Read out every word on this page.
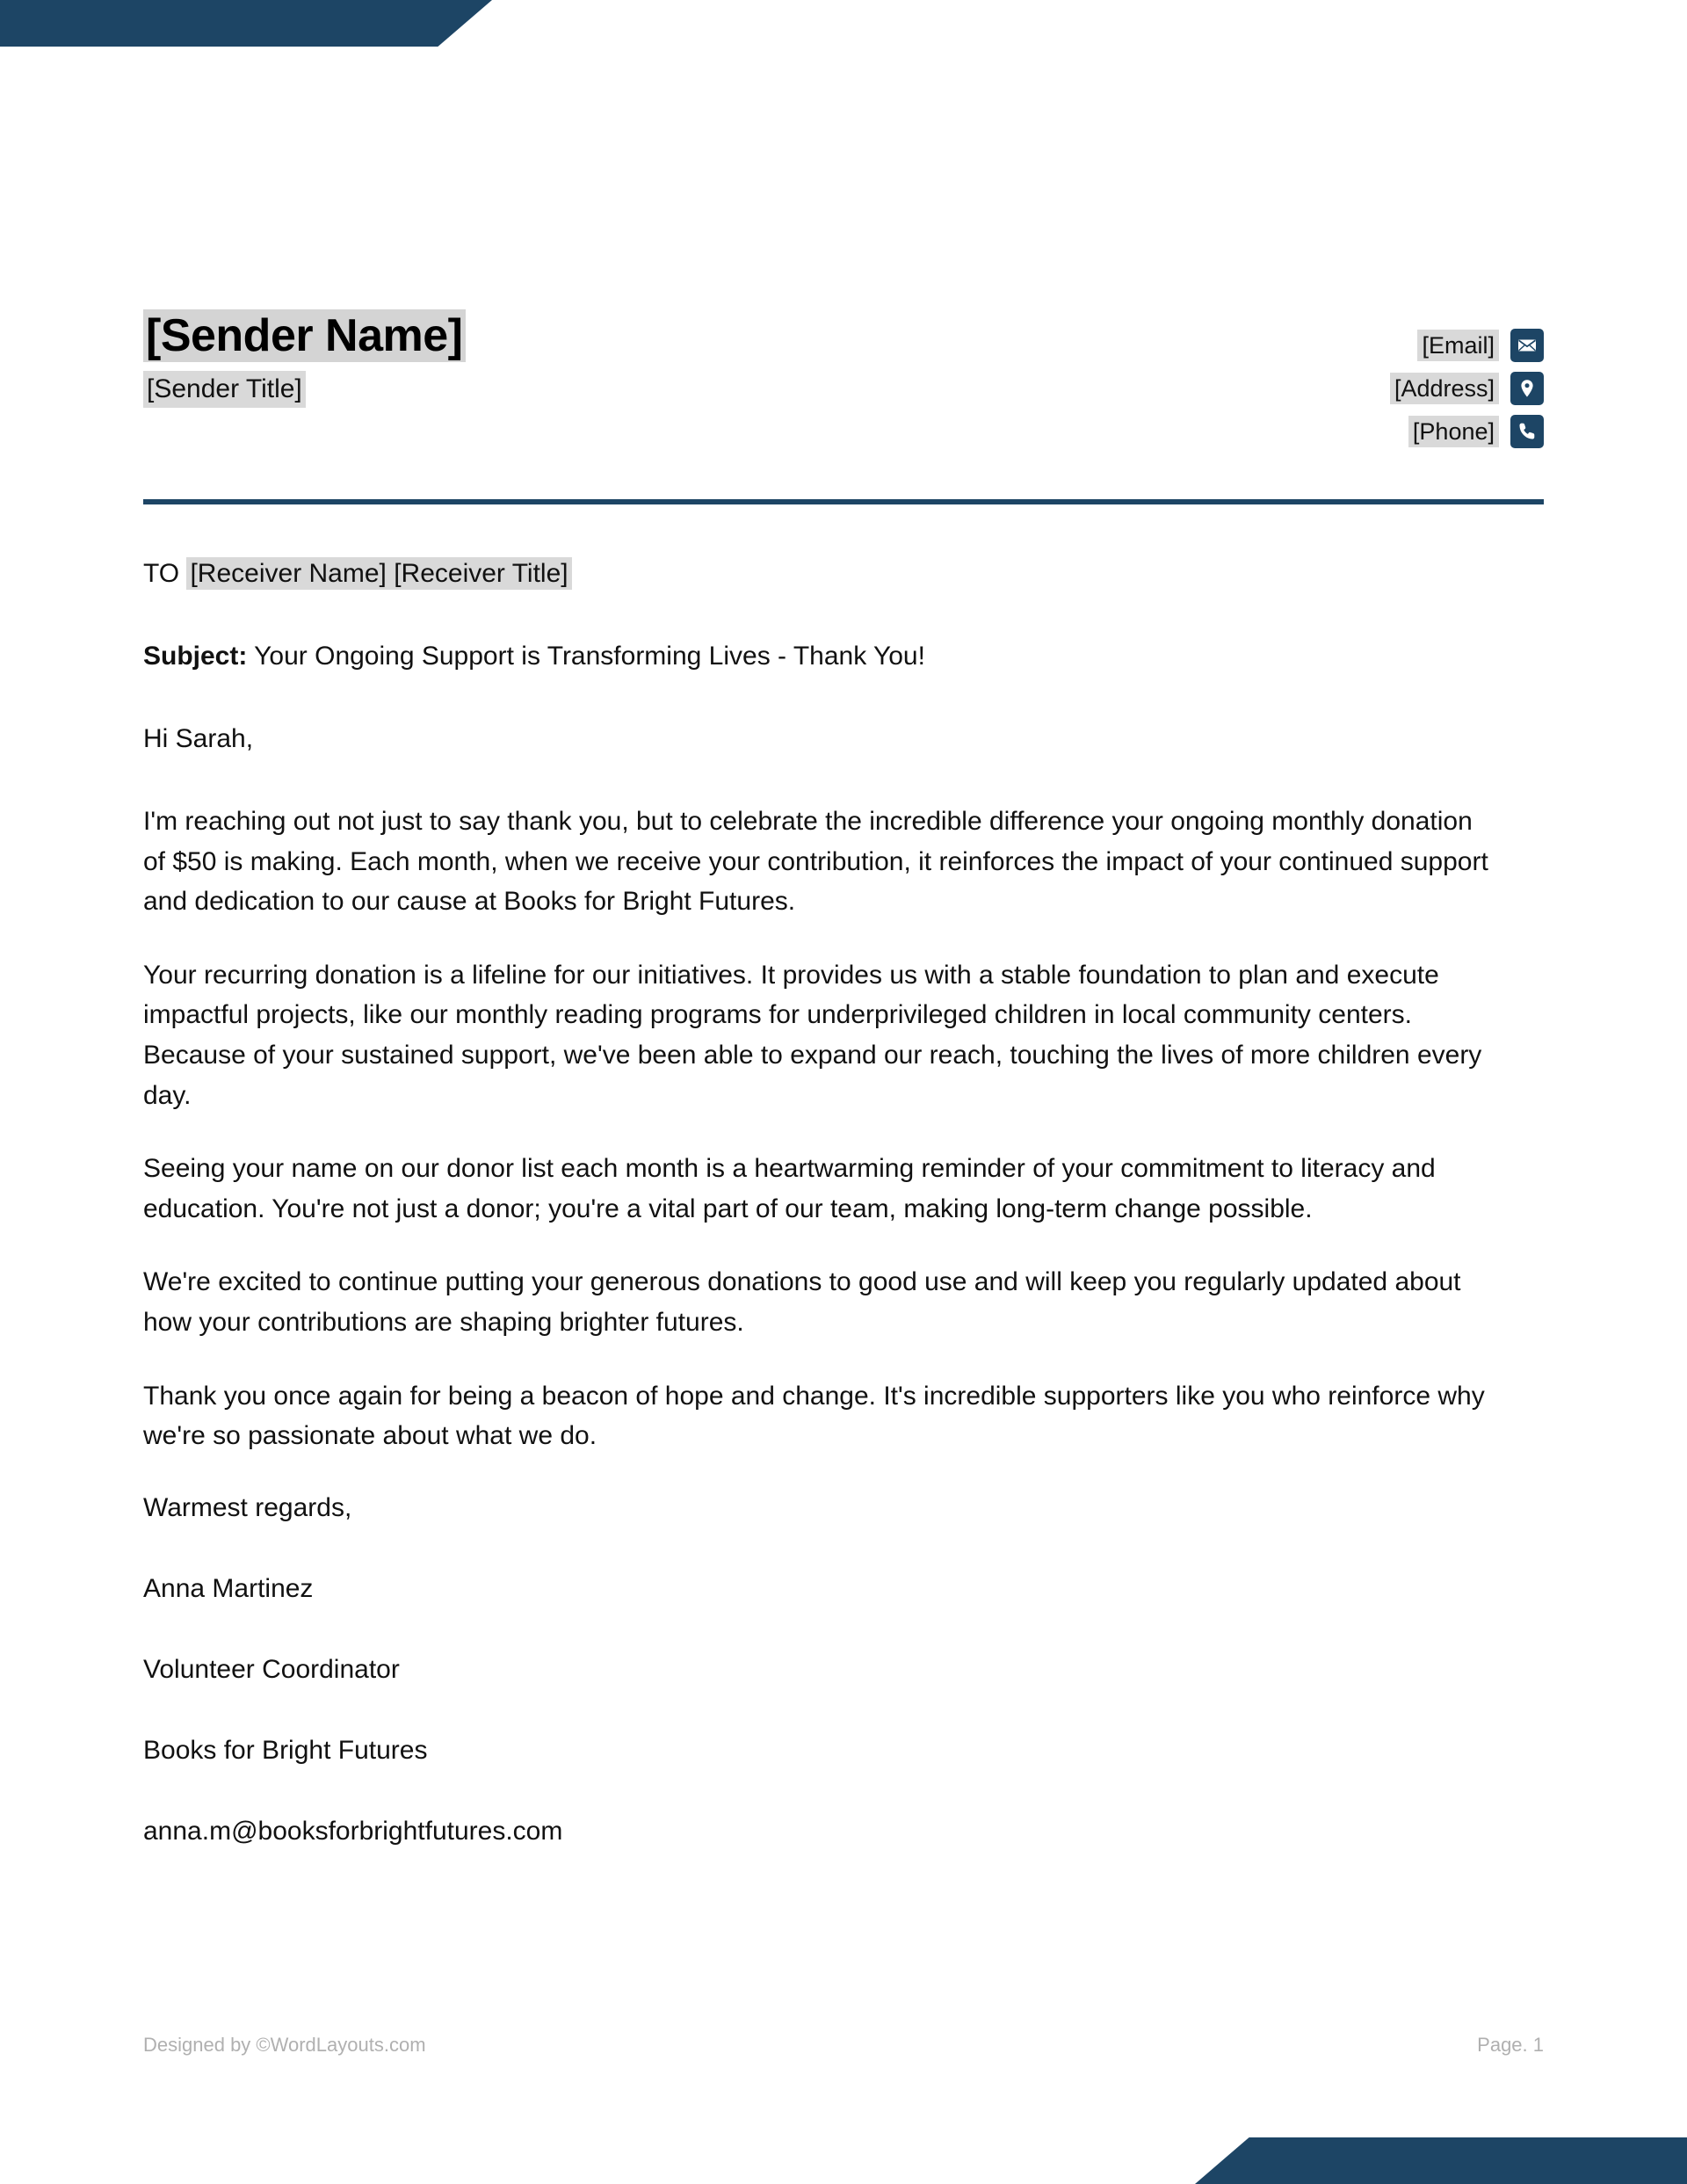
[Sender Name]
[Sender Title]
[Email]
[Address]
[Phone]

TO [Receiver Name] [Receiver Title]

Subject: Your Ongoing Support is Transforming Lives - Thank You!

Hi Sarah,

I'm reaching out not just to say thank you, but to celebrate the incredible difference your ongoing monthly donation of $50 is making. Each month, when we receive your contribution, it reinforces the impact of your continued support and dedication to our cause at Books for Bright Futures.

Your recurring donation is a lifeline for our initiatives. It provides us with a stable foundation to plan and execute impactful projects, like our monthly reading programs for underprivileged children in local community centers. Because of your sustained support, we've been able to expand our reach, touching the lives of more children every day.

Seeing your name on our donor list each month is a heartwarming reminder of your commitment to literacy and education. You're not just a donor; you're a vital part of our team, making long-term change possible.

We're excited to continue putting your generous donations to good use and will keep you regularly updated about how your contributions are shaping brighter futures.

Thank you once again for being a beacon of hope and change. It's incredible supporters like you who reinforce why we're so passionate about what we do.

Warmest regards,

Anna Martinez

Volunteer Coordinator

Books for Bright Futures

anna.m@booksforbrightfutures.com

Designed by ©WordLayouts.com	Page. 1
